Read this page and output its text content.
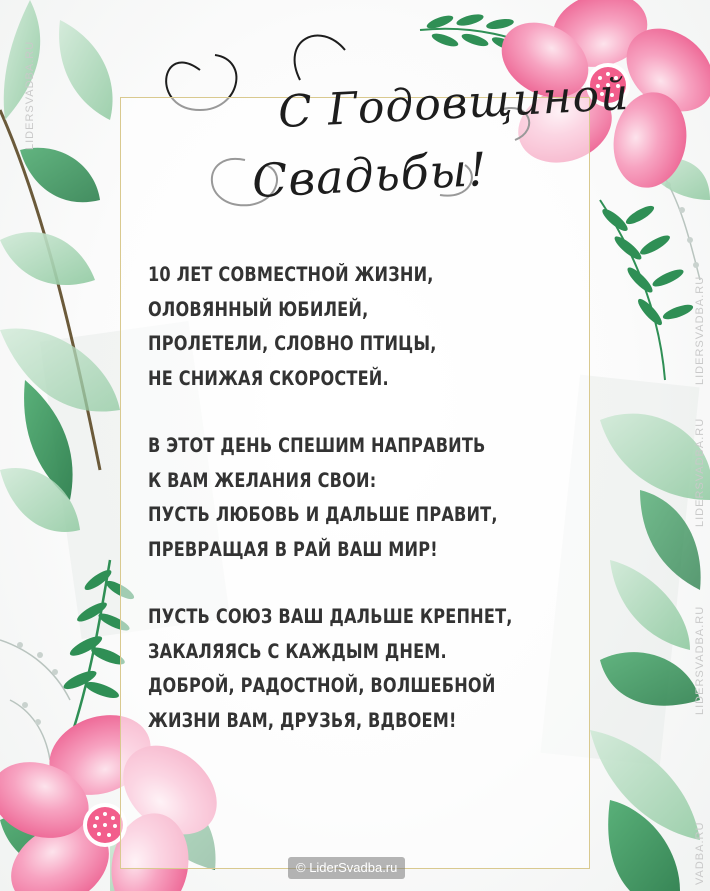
С Годовщиной
Свадьбы!
10 ЛЕТ СОВМЕСТНОЙ ЖИЗНИ,
ОЛОВЯННЫЙ ЮБИЛЕЙ,
ПРОЛЕТЕЛИ, СЛОВНО ПТИЦЫ,
НЕ СНИЖАЯ СКОРОСТЕЙ.
В ЭТОТ ДЕНЬ СПЕШИМ НАПРАВИТЬ
К ВАМ ЖЕЛАНИЯ СВОИ:
ПУСТЬ ЛЮБОВЬ И ДАЛЬШЕ ПРАВИТ,
ПРЕВРАЩАЯ В РАЙ ВАШ МИР!
ПУСТЬ СОЮЗ ВАШ ДАЛЬШЕ КРЕПНЕТ,
ЗАКАЛЯЯСЬ С КАЖДЫМ ДНЕМ.
ДОБРОЙ, РАДОСТНОЙ, ВОЛШЕБНОЙ
ЖИЗНИ ВАМ, ДРУЗЬЯ, ВДВОЕМ!
LIDERSVADBA.RU
LIDERSVADBA.RU
LIDERSVADBA.RU
LIDERSVADBA.RU
VADBA.RU
© LiderSvadba.ru
